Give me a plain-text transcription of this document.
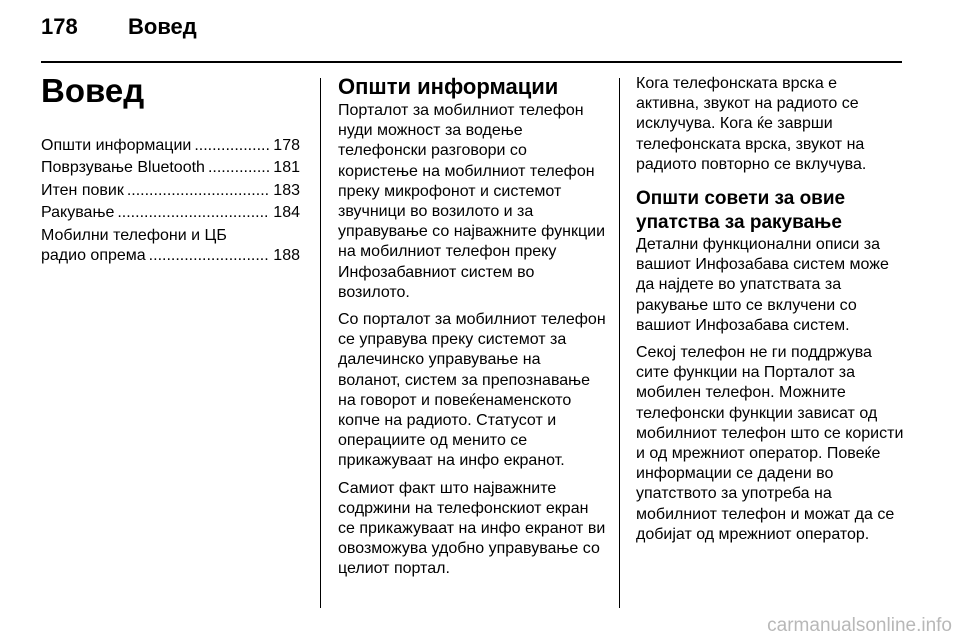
178 Вовед
Вовед
Општи информации .....	178
Поврзување Bluetooth .....	181
Итен повик .....	183
Ракување .....	184
Мобилни телефони и ЦБ
радио опрема .....	188
Општи информации

Порталот за мобилниот телефон нуди можност за водење телефонски разговори со користење на мобилниот телефон преку микрофонот и системот звучници во возилото и за управување со најважните функции на мобилниот телефон преку Инфозабавниот систем во возилото.

Со порталот за мобилниот телефон се управува преку системот за далечинско управување на воланот, систем за препознавање на говорот и повеќенаменското копче на радиото. Статусот и операциите од менито се прикажуваат на инфо екранот.

Самиот факт што најважните содржини на телефонскиот екран се прикажуваат на инфо екранот ви овозможува удобно управување со целиот портал.

Кога телефонската врска е активна, звукот на радиото се исклучува. Кога ќе заврши телефонската врска, звукот на радиото повторно се вклучува.

Општи совети за овие упатства за ракување

Детални функционални описи за вашиот Инфозабава систем може да најдете во упатствата за ракување што се вклучени со вашиот Инфозабава систем.

Секој телефон не ги поддржува сите функции на Порталот за мобилен телефон. Можните телефонски функции зависат од мобилниот телефон што се користи и од мрежниот оператор. Повеќе информации се дадени во упатството за употреба на мобилниот телефон и можат да се добијат од мрежниот оператор.

carmanualsonline.info
